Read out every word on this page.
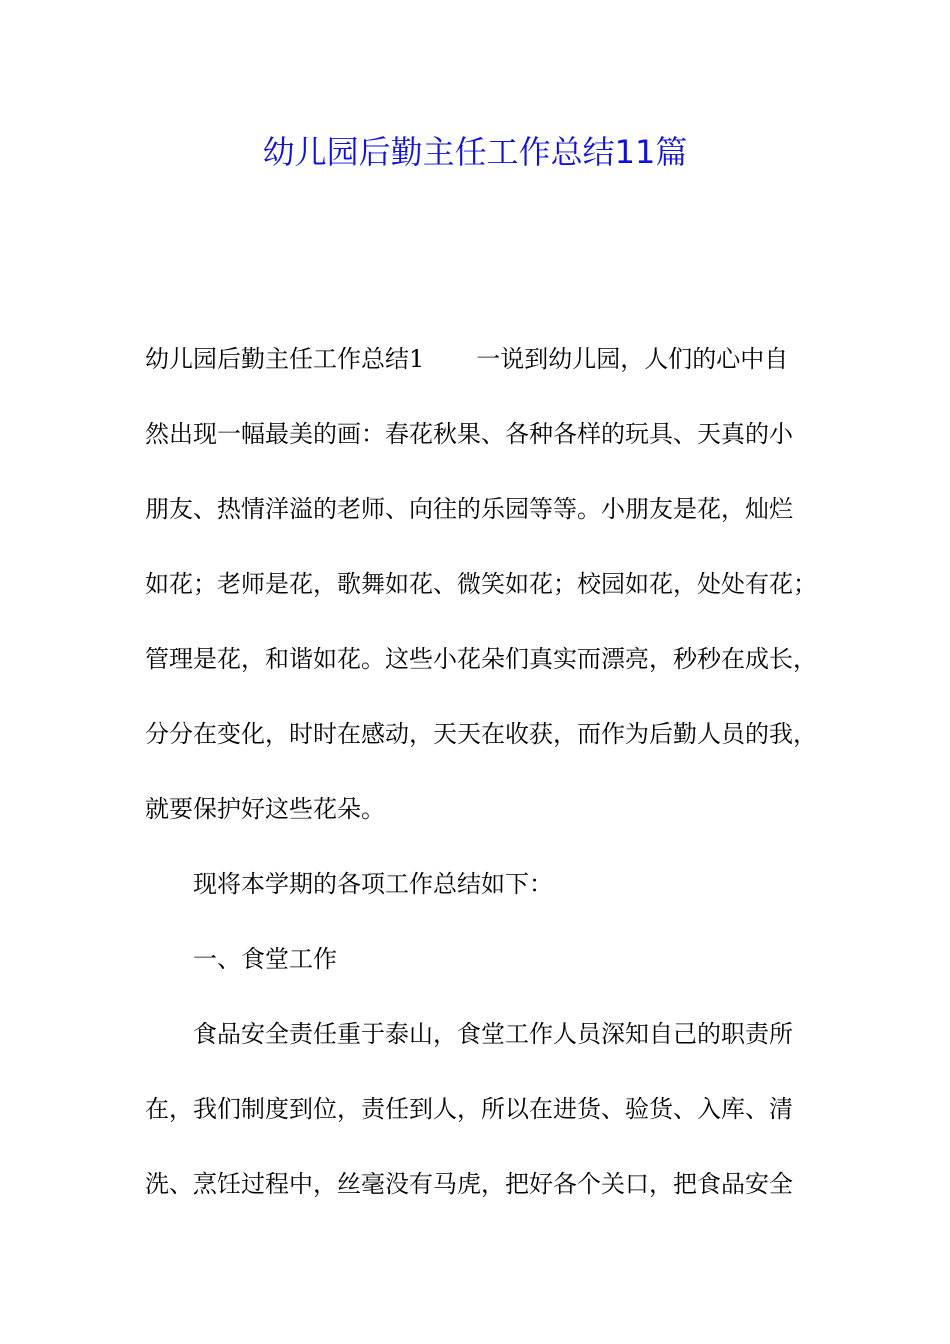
幼儿园后勤主任工作总结11篇
幼儿园后勤主任工作总结1 一说到幼儿园，人们的心中自
然出现一幅最美的画：春花秋果、各种各样的玩具、天真的小
朋友、热情洋溢的老师、向往的乐园等等。小朋友是花，灿烂
如花；老师是花，歌舞如花、微笑如花；校园如花，处处有花；
管理是花，和谐如花。这些小花朵们真实而漂亮，秒秒在成长，
分分在变化，时时在感动，天天在收获，而作为后勤人员的我，
就要保护好这些花朵。
现将本学期的各项工作总结如下：
一、食堂工作
食品安全责任重于泰山，食堂工作人员深知自己的职责所
在，我们制度到位，责任到人，所以在进货、验货、入库、清
洗、烹饪过程中，丝毫没有马虎，把好各个关口，把食品安全
